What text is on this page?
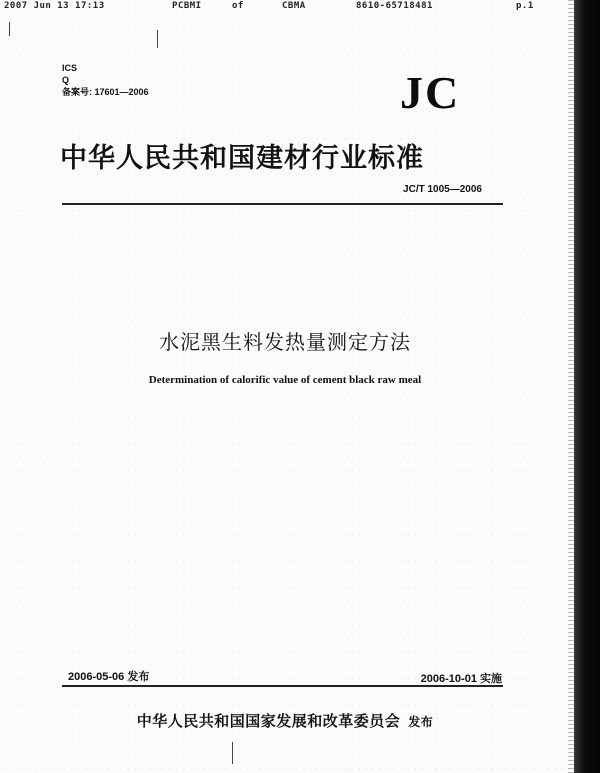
2007 Jun 13 17:13	PCBMI	of	CBMA	8610-65718481	p.1
ICS
Q
备案号: 17601—2006	JC
中华人民共和国建材行业标准
JC/T 1005—2006
水泥黑生料发热量测定方法
Determination of calorific value of cement black raw meal
2006-05-06 发布	2006-10-01 实施
中华人民共和国国家发展和改革委员会 发布
